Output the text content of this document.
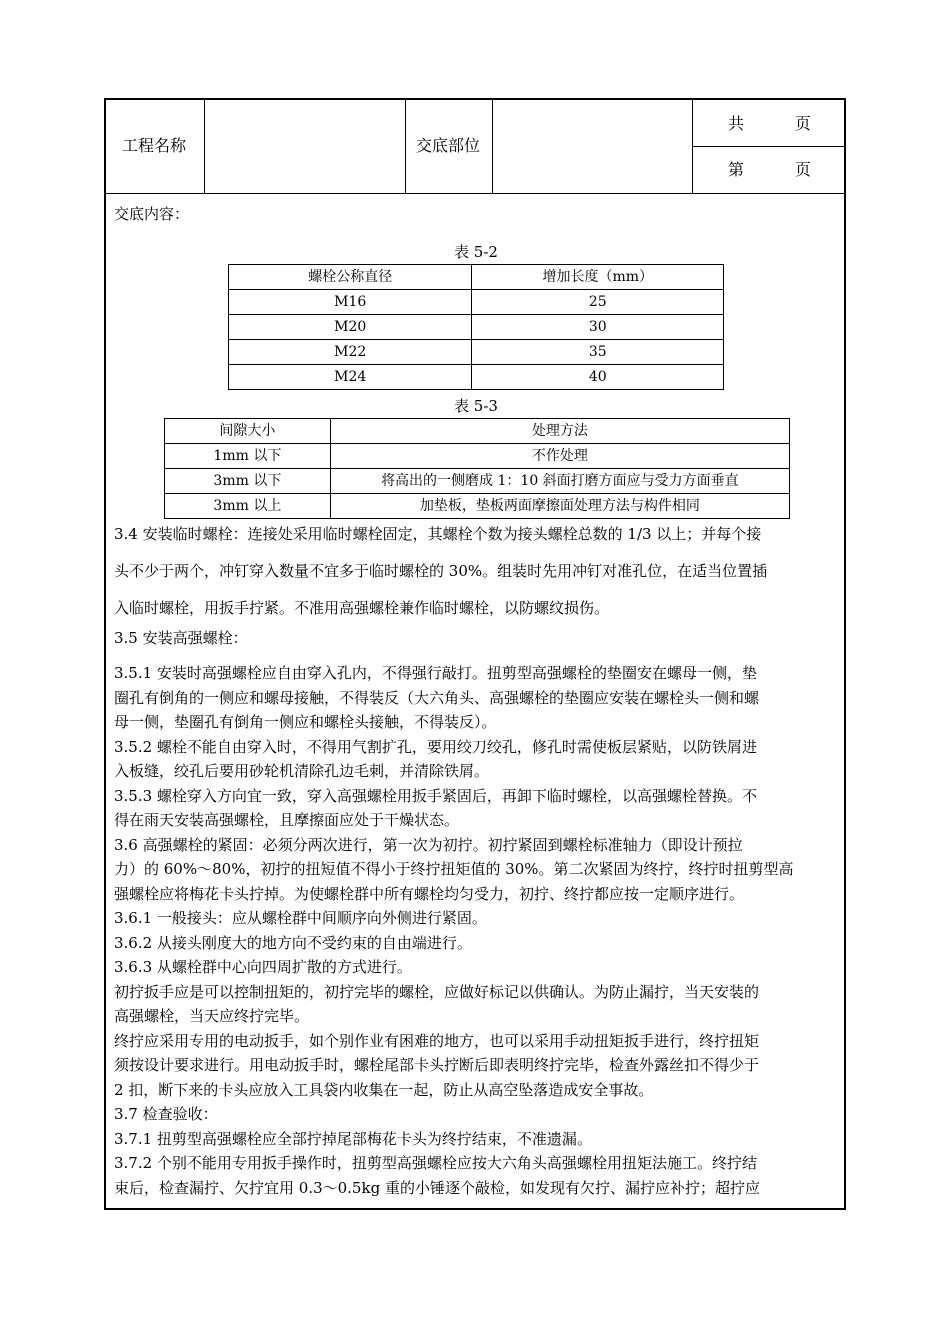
工程名称	交底部位
共          页
第          页
交底内容：
表 5-2
螺栓公称直径	增加长度（mm）
M16	25
M20	30
M22	35
M24	40
表 5-3
间隙大小	处理方法
1mm 以下	不作处理
3mm 以下	将高出的一侧磨成 1：10 斜面打磨方面应与受力方面垂直
3mm 以上	加垫板，垫板两面摩擦面处理方法与构件相同

3.4 安装临时螺栓：连接处采用临时螺栓固定，其螺栓个数为接头螺栓总数的 1/3 以上；并每个接

头不少于两个，冲钉穿入数量不宜多于临时螺栓的 30%。组装时先用冲钉对准孔位，在适当位置插

入临时螺栓，用扳手拧紧。不准用高强螺栓兼作临时螺栓，以防螺纹损伤。

3.5 安装高强螺栓：

3.5.1 安装时高强螺栓应自由穿入孔内，不得强行敲打。扭剪型高强螺栓的垫圈安在螺母一侧，垫

圈孔有倒角的一侧应和螺母接触，不得装反（大六角头、高强螺栓的垫圈应安装在螺栓头一侧和螺

母一侧，垫圈孔有倒角一侧应和螺栓头接触，不得装反）。

3.5.2 螺栓不能自由穿入时，不得用气割扩孔，要用绞刀绞孔，修孔时需使板层紧贴，以防铁屑进

入板缝，绞孔后要用砂轮机清除孔边毛刺，并清除铁屑。

3.5.3 螺栓穿入方向宜一致，穿入高强螺栓用扳手紧固后，再卸下临时螺栓，以高强螺栓替换。不

得在雨天安装高强螺栓，且摩擦面应处于干燥状态。

3.6 高强螺栓的紧固：必须分两次进行，第一次为初拧。初拧紧固到螺栓标准轴力（即设计预拉

力）的 60%～80%，初拧的扭短值不得小于终拧扭矩值的 30%。第二次紧固为终拧，终拧时扭剪型高

强螺栓应将梅花卡头拧掉。为使螺栓群中所有螺栓均匀受力，初拧、终拧都应按一定顺序进行。

3.6.1 一般接头：应从螺栓群中间顺序向外侧进行紧固。

3.6.2 从接头刚度大的地方向不受约束的自由端进行。

3.6.3 从螺栓群中心向四周扩散的方式进行。

初拧扳手应是可以控制扭矩的，初拧完毕的螺栓，应做好标记以供确认。为防止漏拧，当天安装的

高强螺栓，当天应终拧完毕。

终拧应采用专用的电动扳手，如个别作业有困难的地方，也可以采用手动扭矩扳手进行，终拧扭矩

须按设计要求进行。用电动扳手时，螺栓尾部卡头拧断后即表明终拧完毕，检查外露丝扣不得少于

2 扣，断下来的卡头应放入工具袋内收集在一起，防止从高空坠落造成安全事故。

3.7 检查验收：

3.7.1 扭剪型高强螺栓应全部拧掉尾部梅花卡头为终拧结束，不准遗漏。

3.7.2 个别不能用专用扳手操作时，扭剪型高强螺栓应按大六角头高强螺栓用扭矩法施工。终拧结

束后，检查漏拧、欠拧宜用 0.3～0.5kg 重的小锤逐个敲检，如发现有欠拧、漏拧应补拧；超拧应
